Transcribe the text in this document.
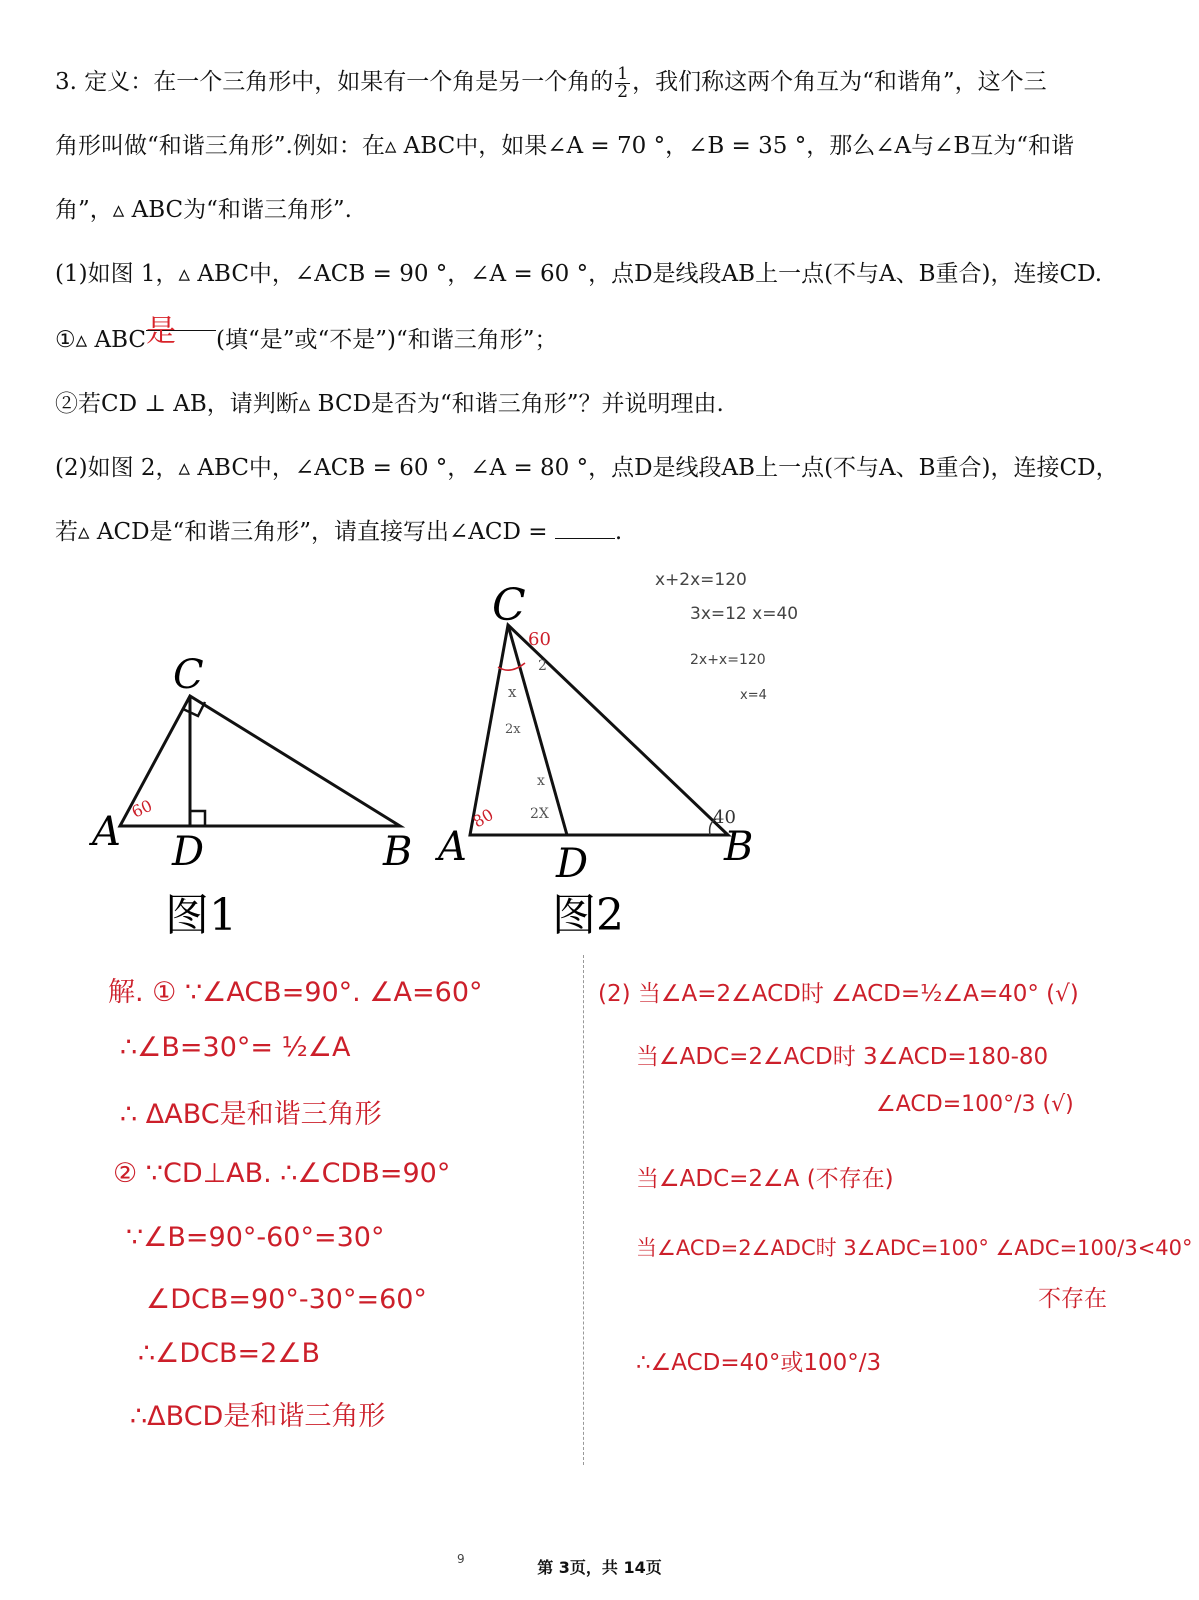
3. 定义：在一个三角形中，如果有一个角是另一个角的 $\frac{1}{2}$ ，我们称这两个角互为“和谐角”，这个三

角形叫做“和谐三角形”.例如：在▵ ABC中，如果∠A = 70 °，∠B = 35 °，那么∠A与∠B互为“和谐

角”，▵ ABC为“和谐三角形”.

(1)如图 1，▵ ABC中，∠ACB = 90 °，∠A = 60 °，点D是线段AB上一点(不与A、B重合)，连接CD.

①▵ ABC是 (填“是”或“不是”)“和谐三角形”；

②若CD ⊥ AB，请判断▵ BCD是否为“和谐三角形”？并说明理由.

(2)如图 2，▵ ABC中，∠ACB = 60 °，∠A = 80 °，点D是线段AB上一点(不与A、B重合)，连接CD，

若▵ ACD是“和谐三角形”，请直接写出∠ACD =	.

A
C
D	B
60
图1
C
A D	B
60
80	40
x
2x
2
x
2X
图2
x+2x=120
3x=12 x=40
2x+x=120
x=4
解. ① ∵∠ACB=90°. ∠A=60°
∴∠B=30°= ½∠A
∴ ΔABC是和谐三角形
② ∵CD⊥AB. ∴∠CDB=90°
∵∠B=90°-60°=30°
∠DCB=90°-30°=60°
∴∠DCB=2∠B
∴ΔBCD是和谐三角形
(2) 当∠A=2∠ACD时 ∠ACD=½∠A=40° (√)
当∠ADC=2∠ACD时 3∠ACD=180-80
∠ACD=100°/3 (√)
当∠ADC=2∠A (不存在)
当∠ACD=2∠ADC时 3∠ADC=100° ∠ADC=100/3<40°
不存在
∴∠ACD=40°或100°/3
9	第 3页，共 14页
